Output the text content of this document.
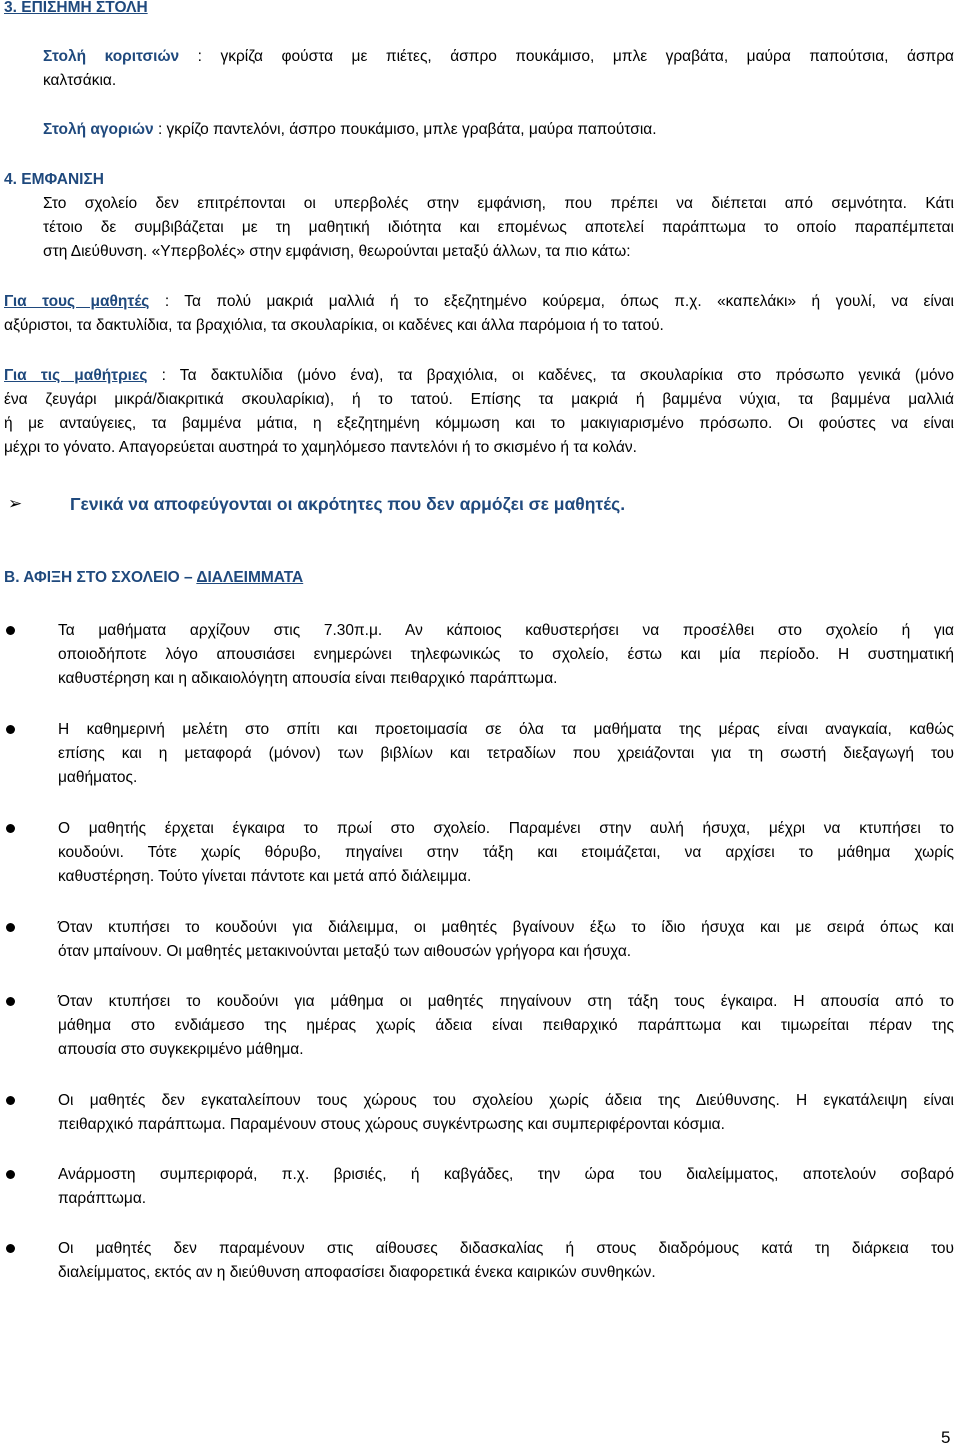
3. ΕΠΙΣΗΜΗ ΣΤΟΛΗ
Στολή κοριτσιών : γκρίζα φούστα με πιέτες, άσπρο πουκάμισο, μπλε γραβάτα, μαύρα παπούτσια, άσπρα
καλτσάκια.
Στολή αγοριών : γκρίζο παντελόνι, άσπρο πουκάμισο, μπλε γραβάτα, μαύρα παπούτσια.
4. ΕΜΦΑΝΙΣΗ
Στο σχολείο δεν επιτρέπονται οι υπερβολές στην εμφάνιση, που πρέπει να διέπεται από σεμνότητα. Κάτι
τέτοιο δε συμβιβάζεται με τη μαθητική ιδιότητα και επομένως αποτελεί παράπτωμα το οποίο παραπέμπεται
στη Διεύθυνση. «Υπερβολές» στην εμφάνιση, θεωρούνται μεταξύ άλλων, τα πιο κάτω:
Για τους μαθητές : Τα πολύ μακριά μαλλιά ή το εξεζητημένο κούρεμα, όπως π.χ. «καπελάκι» ή γουλί, να είναι
αξύριστοι, τα δακτυλίδια, τα βραχιόλια, τα σκουλαρίκια, οι καδένες και άλλα παρόμοια ή το τατού.
Για τις μαθήτριες : Τα δακτυλίδια (μόνο ένα), τα βραχιόλια, οι καδένες, τα σκουλαρίκια στο πρόσωπο γενικά (μόνο
ένα ζευγάρι μικρά/διακριτικά σκουλαρίκια), ή το τατού. Επίσης τα μακριά ή βαμμένα νύχια, τα βαμμένα μαλλιά
ή με ανταύγειες, τα βαμμένα μάτια, η εξεζητημένη κόμμωση και το μακιγιαρισμένο πρόσωπο. Οι φούστες να είναι
μέχρι το γόνατο. Απαγορεύεται αυστηρά το χαμηλόμεσο παντελόνι ή το σκισμένο ή τα κολάν.
➢	Γενικά να αποφεύγονται οι ακρότητες που δεν αρμόζει σε μαθητές.
Β. ΑΦΙΞΗ ΣΤΟ ΣΧΟΛΕΙΟ – ΔΙΑΛΕΙΜΜΑΤΑ
Τα μαθήματα αρχίζουν στις 7.30π.μ. Αν κάποιος καθυστερήσει να προσέλθει στο σχολείο ή για
οποιοδήποτε λόγο απουσιάσει ενημερώνει τηλεφωνικώς το σχολείο, έστω και μία περίοδο. Η συστηματική
καθυστέρηση και η αδικαιολόγητη απουσία είναι πειθαρχικό παράπτωμα.
Η καθημερινή μελέτη στο σπίτι και προετοιμασία σε όλα τα μαθήματα της μέρας είναι αναγκαία, καθώς
επίσης και η μεταφορά (μόνον) των βιβλίων και τετραδίων που χρειάζονται για τη σωστή διεξαγωγή του
μαθήματος.
Ο μαθητής έρχεται έγκαιρα το πρωί στο σχολείο. Παραμένει στην αυλή ήσυχα, μέχρι να κτυπήσει το
κουδούνι. Τότε χωρίς θόρυβο, πηγαίνει στην τάξη και ετοιμάζεται, να αρχίσει το μάθημα χωρίς
καθυστέρηση. Τούτο γίνεται πάντοτε και μετά από διάλειμμα.
Όταν κτυπήσει το κουδούνι για διάλειμμα, οι μαθητές βγαίνουν έξω το ίδιο ήσυχα και με σειρά όπως και
όταν μπαίνουν. Οι μαθητές μετακινούνται μεταξύ των αιθουσών γρήγορα και ήσυχα.
Όταν κτυπήσει το κουδούνι για μάθημα οι μαθητές πηγαίνουν στη τάξη τους έγκαιρα. Η απουσία από το
μάθημα στο ενδιάμεσο της ημέρας χωρίς άδεια είναι πειθαρχικό παράπτωμα και τιμωρείται πέραν της
απουσία στο συγκεκριμένο μάθημα.
Οι μαθητές δεν εγκαταλείπουν τους χώρους του σχολείου χωρίς άδεια της Διεύθυνσης. Η εγκατάλειψη είναι
πειθαρχικό παράπτωμα. Παραμένουν στους χώρους συγκέντρωσης και συμπεριφέρονται κόσμια.
Ανάρμοστη συμπεριφορά, π.χ. βρισιές, ή καβγάδες, την ώρα του διαλείμματος, αποτελούν σοβαρό
παράπτωμα.
Οι μαθητές δεν παραμένουν στις αίθουσες διδασκαλίας ή στους διαδρόμους κατά τη διάρκεια του
διαλείμματος, εκτός αν η διεύθυνση αποφασίσει διαφορετικά ένεκα καιρικών συνθηκών.
5
